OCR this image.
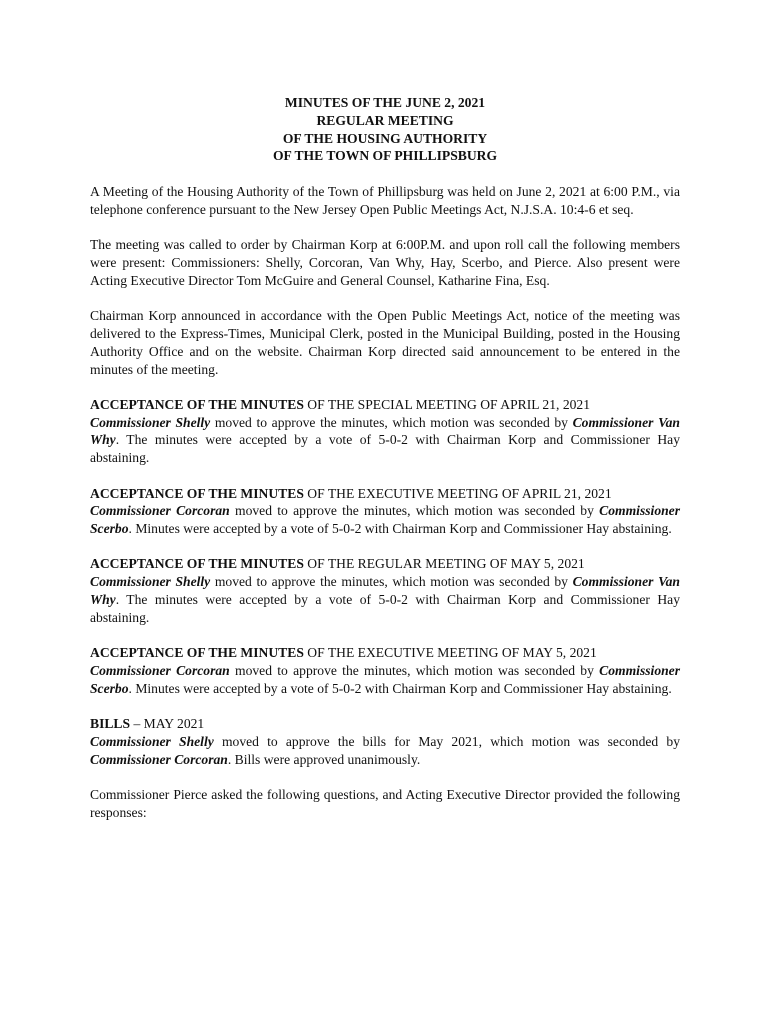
MINUTES OF THE JUNE 2, 2021
REGULAR MEETING
OF THE HOUSING AUTHORITY
OF THE TOWN OF PHILLIPSBURG

A Meeting of the Housing Authority of the Town of Phillipsburg was held on June 2, 2021 at 6:00 P.M., via telephone conference pursuant to the New Jersey Open Public Meetings Act, N.J.S.A. 10:4-6 et seq.

The meeting was called to order by Chairman Korp at 6:00P.M. and upon roll call the following members were present: Commissioners: Shelly, Corcoran, Van Why, Hay, Scerbo, and Pierce. Also present were Acting Executive Director Tom McGuire and General Counsel, Katharine Fina, Esq.

Chairman Korp announced in accordance with the Open Public Meetings Act, notice of the meeting was delivered to the Express-Times, Municipal Clerk, posted in the Municipal Building, posted in the Housing Authority Office and on the website. Chairman Korp directed said announcement to be entered in the minutes of the meeting.

ACCEPTANCE OF THE MINUTES OF THE SPECIAL MEETING OF APRIL 21, 2021
Commissioner Shelly moved to approve the minutes, which motion was seconded by Commissioner Van Why. The minutes were accepted by a vote of 5-0-2 with Chairman Korp and Commissioner Hay abstaining.
ACCEPTANCE OF THE MINUTES OF THE EXECUTIVE MEETING OF APRIL 21, 2021
Commissioner Corcoran moved to approve the minutes, which motion was seconded by Commissioner Scerbo. Minutes were accepted by a vote of 5-0-2 with Chairman Korp and Commissioner Hay abstaining.
ACCEPTANCE OF THE MINUTES OF THE REGULAR MEETING OF MAY 5, 2021
Commissioner Shelly moved to approve the minutes, which motion was seconded by Commissioner Van Why. The minutes were accepted by a vote of 5-0-2 with Chairman Korp and Commissioner Hay abstaining.
ACCEPTANCE OF THE MINUTES OF THE EXECUTIVE MEETING OF MAY 5, 2021
Commissioner Corcoran moved to approve the minutes, which motion was seconded by Commissioner Scerbo. Minutes were accepted by a vote of 5-0-2 with Chairman Korp and Commissioner Hay abstaining.
BILLS – MAY 2021
Commissioner Shelly moved to approve the bills for May 2021, which motion was seconded by Commissioner Corcoran. Bills were approved unanimously.

Commissioner Pierce asked the following questions, and Acting Executive Director provided the following responses:
